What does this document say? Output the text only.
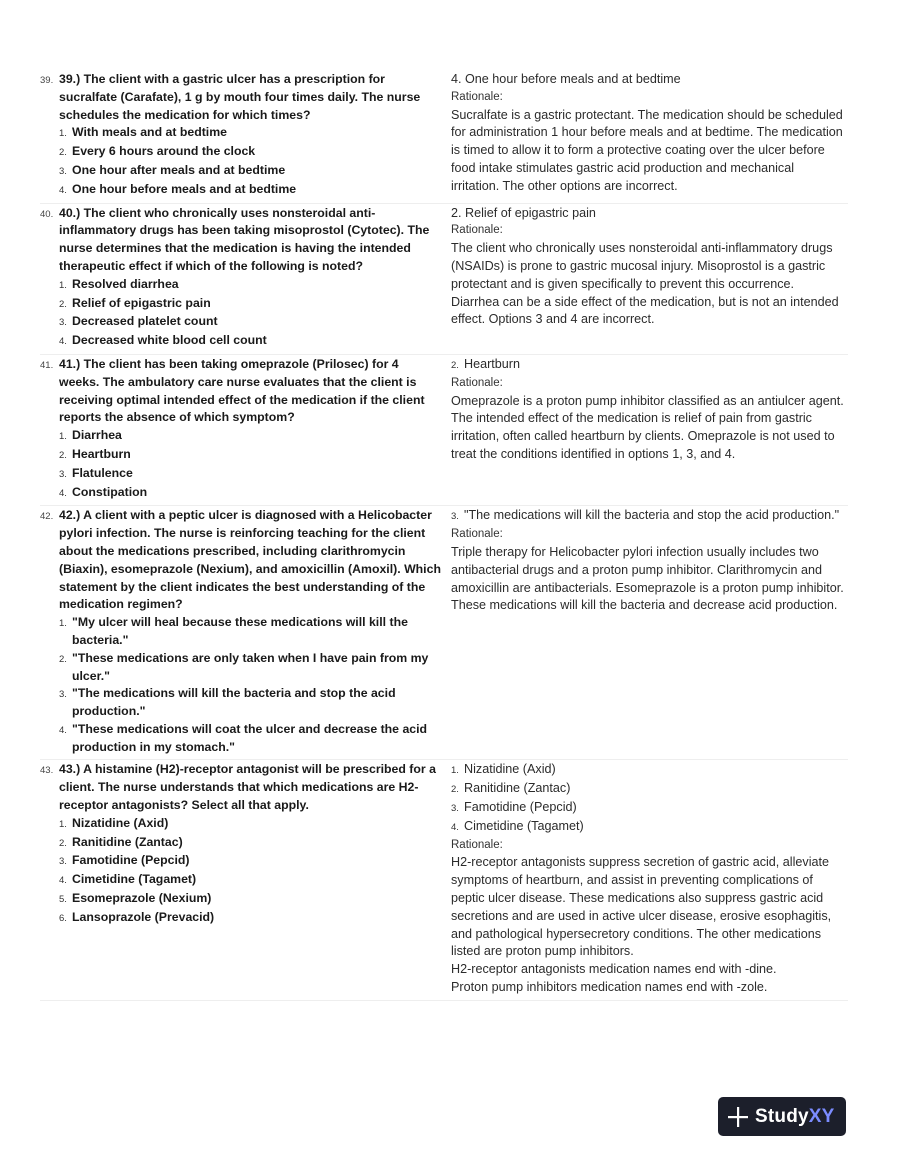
39. 39.) The client with a gastric ulcer has a prescription for sucralfate (Carafate), 1 g by mouth four times daily. The nurse schedules the medication for which times?
1. With meals and at bedtime
2. Every 6 hours around the clock
3. One hour after meals and at bedtime
4. One hour before meals and at bedtime
4. One hour before meals and at bedtime
Rationale:
Sucralfate is a gastric protectant. The medication should be scheduled for administration 1 hour before meals and at bedtime. The medication is timed to allow it to form a protective coating over the ulcer before food intake stimulates gastric acid production and mechanical irritation. The other options are incorrect.
40. 40.) The client who chronically uses nonsteroidal anti-inflammatory drugs has been taking misoprostol (Cytotec). The nurse determines that the medication is having the intended therapeutic effect if which of the following is noted?
1. Resolved diarrhea
2. Relief of epigastric pain
3. Decreased platelet count
4. Decreased white blood cell count
2. Relief of epigastric pain
Rationale:
The client who chronically uses nonsteroidal anti-inflammatory drugs (NSAIDs) is prone to gastric mucosal injury. Misoprostol is a gastric protectant and is given specifically to prevent this occurrence. Diarrhea can be a side effect of the medication, but is not an intended effect. Options 3 and 4 are incorrect.
41. 41.) The client has been taking omeprazole (Prilosec) for 4 weeks. The ambulatory care nurse evaluates that the client is receiving optimal intended effect of the medication if the client reports the absence of which symptom?
1. Diarrhea
2. Heartburn
3. Flatulence
4. Constipation
2. Heartburn
Rationale:
Omeprazole is a proton pump inhibitor classified as an antiulcer agent. The intended effect of the medication is relief of pain from gastric irritation, often called heartburn by clients. Omeprazole is not used to treat the conditions identified in options 1, 3, and 4.
42. 42.) A client with a peptic ulcer is diagnosed with a Helicobacter pylori infection. The nurse is reinforcing teaching for the client about the medications prescribed, including clarithromycin (Biaxin), esomeprazole (Nexium), and amoxicillin (Amoxil). Which statement by the client indicates the best understanding of the medication regimen?
1. "My ulcer will heal because these medications will kill the bacteria."
2. "These medications are only taken when I have pain from my ulcer."
3. "The medications will kill the bacteria and stop the acid production."
4. "These medications will coat the ulcer and decrease the acid production in my stomach."
3. "The medications will kill the bacteria and stop the acid production."
Rationale:
Triple therapy for Helicobacter pylori infection usually includes two antibacterial drugs and a proton pump inhibitor. Clarithromycin and amoxicillin are antibacterials. Esomeprazole is a proton pump inhibitor. These medications will kill the bacteria and decrease acid production.
43. 43.) A histamine (H2)-receptor antagonist will be prescribed for a client. The nurse understands that which medications are H2-receptor antagonists? Select all that apply.
1. Nizatidine (Axid)
2. Ranitidine (Zantac)
3. Famotidine (Pepcid)
4. Cimetidine (Tagamet)
5. Esomeprazole (Nexium)
6. Lansoprazole (Prevacid)
1. Nizatidine (Axid)
2. Ranitidine (Zantac)
3. Famotidine (Pepcid)
4. Cimetidine (Tagamet)
Rationale:
H2-receptor antagonists suppress secretion of gastric acid, alleviate symptoms of heartburn, and assist in preventing complications of peptic ulcer disease. These medications also suppress gastric acid secretions and are used in active ulcer disease, erosive esophagitis, and pathological hypersecretory conditions. The other medications listed are proton pump inhibitors.
H2-receptor antagonists medication names end with -dine.
Proton pump inhibitors medication names end with -zole.
StudyXY
